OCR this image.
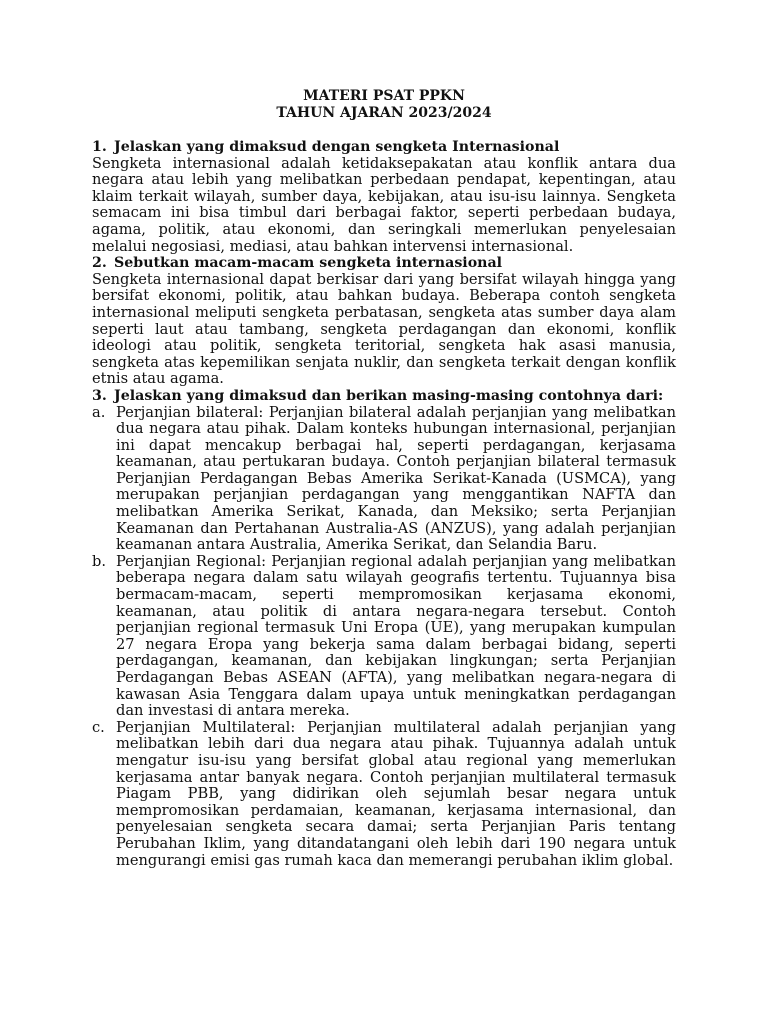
MATERI PSAT PPKN

TAHUN AJARAN 2023/2024

1. Jelaskan yang dimaksud dengan sengketa Internasional

Sengketa internasional adalah ketidaksepakatan atau konflik antara dua negara atau lebih yang melibatkan perbedaan pendapat, kepentingan, atau klaim terkait wilayah, sumber daya, kebijakan, atau isu-isu lainnya. Sengketa semacam ini bisa timbul dari berbagai faktor, seperti perbedaan budaya, agama, politik, atau ekonomi, dan seringkali memerlukan penyelesaian melalui negosiasi, mediasi, atau bahkan intervensi internasional.

2. Sebutkan macam-macam sengketa internasional

Sengketa internasional dapat berkisar dari yang bersifat wilayah hingga yang bersifat ekonomi, politik, atau bahkan budaya. Beberapa contoh sengketa internasional meliputi sengketa perbatasan, sengketa atas sumber daya alam seperti laut atau tambang, sengketa perdagangan dan ekonomi, konflik ideologi atau politik, sengketa teritorial, sengketa hak asasi manusia, sengketa atas kepemilikan senjata nuklir, dan sengketa terkait dengan konflik etnis atau agama.

3. Jelaskan yang dimaksud dan berikan masing-masing contohnya dari:

a. Perjanjian bilateral: Perjanjian bilateral adalah perjanjian yang melibatkan dua negara atau pihak. Dalam konteks hubungan internasional, perjanjian ini dapat mencakup berbagai hal, seperti perdagangan, kerjasama keamanan, atau pertukaran budaya. Contoh perjanjian bilateral termasuk Perjanjian Perdagangan Bebas Amerika Serikat-Kanada (USMCA), yang merupakan perjanjian perdagangan yang menggantikan NAFTA dan melibatkan Amerika Serikat, Kanada, dan Meksiko; serta Perjanjian Keamanan dan Pertahanan Australia-AS (ANZUS), yang adalah perjanjian keamanan antara Australia, Amerika Serikat, dan Selandia Baru.
b. Perjanjian Regional: Perjanjian regional adalah perjanjian yang melibatkan beberapa negara dalam satu wilayah geografis tertentu. Tujuannya bisa bermacam-macam, seperti mempromosikan kerjasama ekonomi, keamanan, atau politik di antara negara-negara tersebut. Contoh perjanjian regional termasuk Uni Eropa (UE), yang merupakan kumpulan 27 negara Eropa yang bekerja sama dalam berbagai bidang, seperti perdagangan, keamanan, dan kebijakan lingkungan; serta Perjanjian Perdagangan Bebas ASEAN (AFTA), yang melibatkan negara-negara di kawasan Asia Tenggara dalam upaya untuk meningkatkan perdagangan dan investasi di antara mereka.
c. Perjanjian Multilateral: Perjanjian multilateral adalah perjanjian yang melibatkan lebih dari dua negara atau pihak. Tujuannya adalah untuk mengatur isu-isu yang bersifat global atau regional yang memerlukan kerjasama antar banyak negara. Contoh perjanjian multilateral termasuk Piagam PBB, yang didirikan oleh sejumlah besar negara untuk mempromosikan perdamaian, keamanan, kerjasama internasional, dan penyelesaian sengketa secara damai; serta Perjanjian Paris tentang Perubahan Iklim, yang ditandatangani oleh lebih dari 190 negara untuk mengurangi emisi gas rumah kaca dan memerangi perubahan iklim global.
